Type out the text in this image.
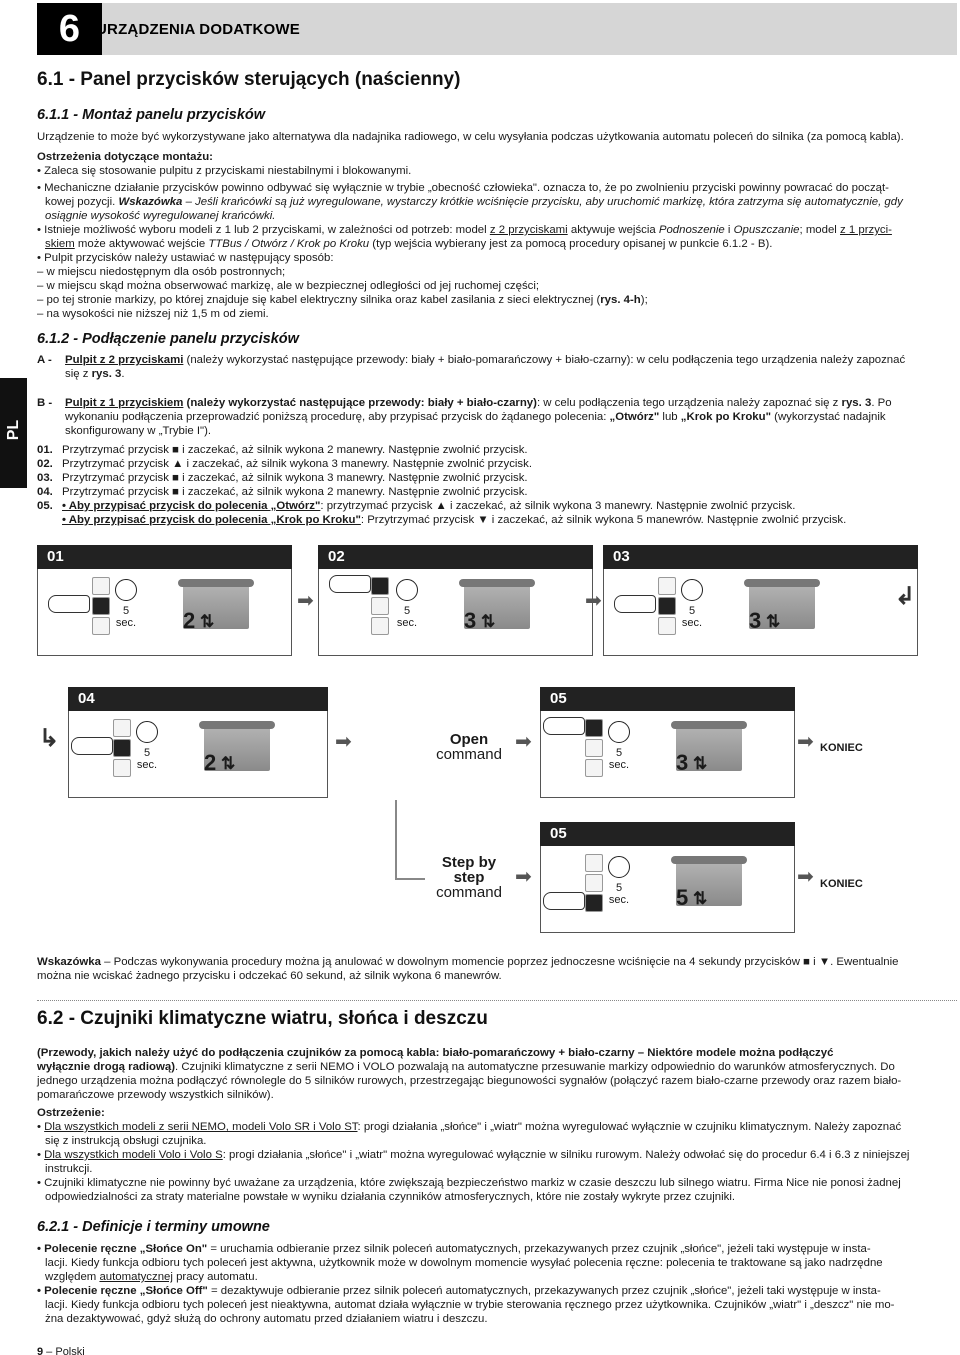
6	URZĄDZENIA DODATKOWE
PL
6.1 - Panel przycisków sterujących (naścienny)
6.1.1 - Montaż panelu przycisków
Urządzenie to może być wykorzystywane jako alternatywa dla nadajnika radiowego, w celu wysyłania podczas użytkowania automatu poleceń do silnika (za pomocą kabla).
Ostrzeżenia dotyczące montażu:
• Zaleca się stosowanie pulpitu z przyciskami niestabilnymi i blokowanymi.
• Mechaniczne działanie przycisków powinno odbywać się wyłącznie w trybie „obecność człowieka". oznacza to, że po zwolnieniu przyciski powinny powracać do począt-
kowej pozycji. Wskazówka – Jeśli krańcówki są już wyregulowane, wystarczy krótkie wciśnięcie przycisku, aby uruchomić markizę, która zatrzyma się automatycznie, gdy
osiągnie wysokość wyregulowanej krańcówki.
• Istnieje możliwość wyboru modeli z 1 lub 2 przyciskami, w zależności od potrzeb: model z 2 przyciskami aktywuje wejścia Podnoszenie i Opuszczanie; model z 1 przyci-
skiem może aktywować wejście TTBus / Otwórz / Krok po Kroku (typ wejścia wybierany jest za pomocą procedury opisanej w punkcie 6.1.2 - B).
• Pulpit przycisków należy ustawiać w następujący sposób:
– w miejscu niedostępnym dla osób postronnych;
– w miejscu skąd można obserwować markizę, ale w bezpiecznej odległości od jej ruchomej części;
– po tej stronie markizy, po której znajduje się kabel elektryczny silnika oraz kabel zasilania z sieci elektrycznej (rys. 4-h);
– na wysokości nie niższej niż 1,5 m od ziemi.
6.1.2 - Podłączenie panelu przycisków
A - Pulpit z 2 przyciskami (należy wykorzystać następujące przewody: biały + biało-pomarańczowy + biało-czarny): w celu podłączenia tego urządzenia należy zapoznać
się z rys. 3.
B - Pulpit z 1 przyciskiem (należy wykorzystać następujące przewody: biały + biało-czarny): w celu podłączenia tego urządzenia należy zapoznać się z rys. 3. Po
wykonaniu podłączenia przeprowadzić poniższą procedurę, aby przypisać przycisk do żądanego polecenia: „Otwórz" lub „Krok po Kroku" (wykorzystać nadajnik
skonfigurowany w „Trybie I").
01. Przytrzymać przycisk ■ i zaczekać, aż silnik wykona 2 manewry. Następnie zwolnić przycisk.
02. Przytrzymać przycisk ▲ i zaczekać, aż silnik wykona 3 manewry. Następnie zwolnić przycisk.
03. Przytrzymać przycisk ■ i zaczekać, aż silnik wykona 3 manewry. Następnie zwolnić przycisk.
04. Przytrzymać przycisk ■ i zaczekać, aż silnik wykona 2 manewry. Następnie zwolnić przycisk.
05. • Aby przypisać przycisk do polecenia „Otwórz": przytrzymać przycisk ▲ i zaczekać, aż silnik wykona 3 manewry. Następnie zwolnić przycisk.
• Aby przypisać przycisk do polecenia „Krok po Kroku": Przytrzymać przycisk ▼ i zaczekać, aż silnik wykona 5 manewrów. Następnie zwolnić przycisk.
01
5
sec. 2 ⇅
➡
02
5
sec. 3 ⇅
➡
03
5
sec. 3 ⇅
↲
↳
04
5
sec. 2 ⇅
➡	Open
command
➡
05
5
sec. 3 ⇅
➡ KONIEC
Step by
step
command
➡
05
5
sec. 5 ⇅
➡ KONIEC
Wskazówka – Podczas wykonywania procedury można ją anulować w dowolnym momencie poprzez jednoczesne wciśnięcie na 4 sekundy przycisków ■ i ▼. Ewentualnie
można nie wciskać żadnego przycisku i odczekać 60 sekund, aż silnik wykona 6 manewrów.
6.2 - Czujniki klimatyczne wiatru, słońca i deszczu
(Przewody, jakich należy użyć do podłączenia czujników za pomocą kabla: biało-pomarańczowy + biało-czarny – Niektóre modele można podłączyć
wyłącznie drogą radiową). Czujniki klimatyczne z serii NEMO i VOLO pozwalają na automatyczne przesuwanie markizy odpowiednio do warunków atmosferycznych. Do
jednego urządzenia można podłączyć równolegle do 5 silników rurowych, przestrzegając biegunowości sygnałów (połączyć razem biało-czarne przewody oraz razem biało-
pomarańczowe przewody wszystkich silników).
Ostrzeżenie:
• Dla wszystkich modeli z serii NEMO, modeli Volo SR i Volo ST: progi działania „słońce" i „wiatr" można wyregulować wyłącznie w czujniku klimatycznym. Należy zapoznać
się z instrukcją obsługi czujnika.
• Dla wszystkich modeli Volo i Volo S: progi działania „słońce" i „wiatr" można wyregulować wyłącznie w silniku rurowym. Należy odwołać się do procedur 6.4 i 6.3 z niniejszej
instrukcji.
• Czujniki klimatyczne nie powinny być uważane za urządzenia, które zwiększają bezpieczeństwo markiz w czasie deszczu lub silnego wiatru. Firma Nice nie ponosi żadnej
odpowiedzialności za straty materialne powstałe w wyniku działania czynników atmosferycznych, które nie zostały wykryte przez czujniki.
6.2.1 - Definicje i terminy umowne
• Polecenie ręczne „Słońce On" = uruchamia odbieranie przez silnik poleceń automatycznych, przekazywanych przez czujnik „słońce", jeżeli taki występuje w insta-
lacji. Kiedy funkcja odbioru tych poleceń jest aktywna, użytkownik może w dowolnym momencie wysyłać polecenia ręczne: polecenia te traktowane są jako nadrzędne
względem automatycznej pracy automatu.
• Polecenie ręczne „Słońce Off" = dezaktywuje odbieranie przez silnik poleceń automatycznych, przekazywanych przez czujnik „słońce", jeżeli taki występuje w insta-
lacji. Kiedy funkcja odbioru tych poleceń jest nieaktywna, automat działa wyłącznie w trybie sterowania ręcznego przez użytkownika. Czujników „wiatr" i „deszcz" nie mo-
żna dezaktywować, gdyż służą do ochrony automatu przed działaniem wiatru i deszczu.
9 – Polski
